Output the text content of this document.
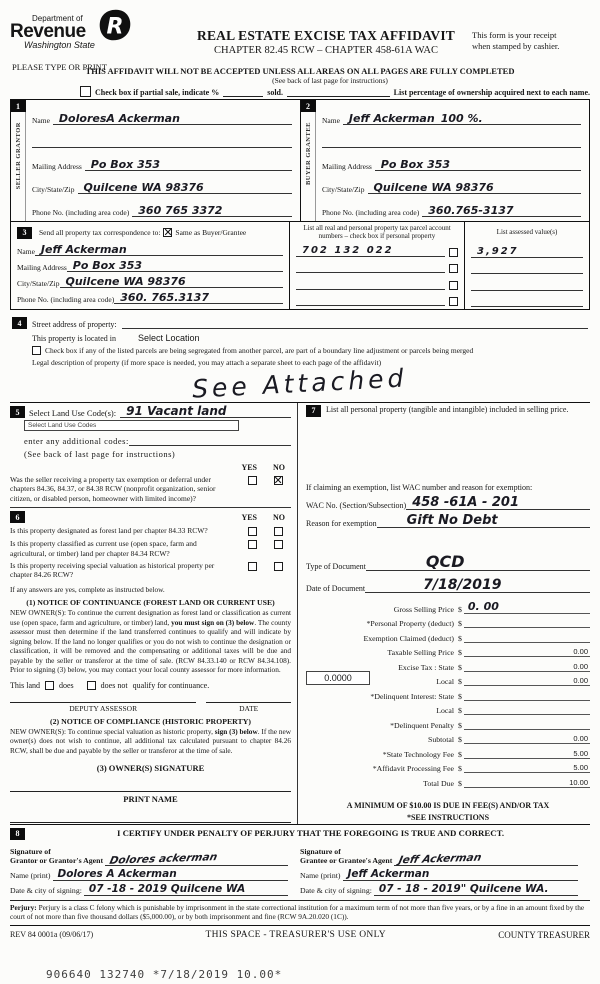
Department of
Revenue
Washington State
R	REAL ESTATE EXCISE TAX AFFIDAVIT
CHAPTER 82.45 RCW – CHAPTER 458-61A WAC
This form is your receipt
when stamped by cashier.
PLEASE TYPE OR PRINT
THIS AFFIDAVIT WILL NOT BE ACCEPTED UNLESS ALL AREAS ON ALL PAGES ARE FULLY COMPLETED
(See back of last page for instructions)
Check box if partial sale, indicate %	sold.	List percentage of ownership acquired next to each name.
1
SELLER GRANTOR
Name DoloresA Ackerman
Mailing Address Po Box 353
City/State/Zip Quilcene WA 98376
Phone No. (including area code) 360 765 3372
2
BUYER GRANTEE
Name Jeff Ackerman 100 %.
Mailing Address Po Box 353
City/State/Zip Quilcene WA 98376
Phone No. (including area code) 360.765-3137
3	Send all property tax correspondence to: ✕ Same as Buyer/Grantee
Name Jeff Ackerman
Mailing Address Po Box 353
City/State/Zip Quilcene WA 98376
Phone No. (including area code) 360. 765.3137
List all real and personal property tax parcel account numbers – check box if personal property
702 132 022
List assessed value(s)
3,927
4	Street address of property:
This property is located in Select Location
Check box if any of the listed parcels are being segregated from another parcel, are part of a boundary line adjustment or parcels being merged
Legal description of property (if more space is needed, you may attach a separate sheet to each page of the affidavit)
See Attached
5	Select Land Use Code(s): 91 Vacant land
Select Land Use Codes
enter any additional codes:
(See back of last page for instructions)
YES NO
Was the seller receiving a property tax exemption or deferral under chapters 84.36, 84.37, or 84.38 RCW (nonprofit organization, senior citizen, or disabled person, homeowner with limited income)?
✕
6	YES NO
Is this property designated as forest land per chapter 84.33 RCW?
Is this property classified as current use (open space, farm and agricultural, or timber) land per chapter 84.34 RCW?
Is this property receiving special valuation as historical property per chapter 84.26 RCW?
If any answers are yes, complete as instructed below.
(1) NOTICE OF CONTINUANCE (FOREST LAND OR CURRENT USE)
NEW OWNER(S): To continue the current designation as forest land or classification as current use (open space, farm and agriculture, or timber) land, you must sign on (3) below. The county assessor must then determine if the land transferred continues to qualify and will indicate by signing below. If the land no longer qualifies or you do not wish to continue the designation or classification, it will be removed and the compensating or additional taxes will be due and payable by the seller or transferor at the time of sale. (RCW 84.33.140 or RCW 84.34.108). Prior to signing (3) below, you may contact your local county assessor for more information.
This land does	does not qualify for continuance.
DEPUTY ASSESSOR	DATE
(2) NOTICE OF COMPLIANCE (HISTORIC PROPERTY)
NEW OWNER(S): To continue special valuation as historic property, sign (3) below. If the new owner(s) does not wish to continue, all additional tax calculated pursuant to chapter 84.26 RCW, shall be due and payable by the seller or transferor at the time of sale.
(3) OWNER(S) SIGNATURE
PRINT NAME
7	List all personal property (tangible and intangible) included in selling price.
If claiming an exemption, list WAC number and reason for exemption:
WAC No. (Section/Subsection) 458 -61A - 201
Reason for exemption Gift No Debt
Type of Document	QCD
Date of Document	7/18/2019
Gross Selling Price $ 0. 00
*Personal Property (deduct) $
Exemption Claimed (deduct) $
Taxable Selling Price $	0.00
Excise Tax : State $	0.00
0.0000	Local $	0.00
*Delinquent Interest: State $
Local $
*Delinquent Penalty $
Subtotal $	0.00
*State Technology Fee $	5.00
*Affidavit Processing Fee $	5.00
Total Due $	10.00
A MINIMUM OF $10.00 IS DUE IN FEE(S) AND/OR TAX
*SEE INSTRUCTIONS
8	I CERTIFY UNDER PENALTY OF PERJURY THAT THE FOREGOING IS TRUE AND CORRECT.
Signature of
Grantor or Grantor's Agent Dolores ackerman
Name (print) Dolores A Ackerman
Date & city of signing: 07 -18 - 2019 Quilcene WA
Signature of
Grantee or Grantee's Agent Jeff Ackerman
Name (print) Jeff Ackerman
Date & city of signing: 07 - 18 - 2019" Quilcene WA.
Perjury: Perjury is a class C felony which is punishable by imprisonment in the state correctional institution for a maximum term of not more than five years, or by a fine in an amount fixed by the court of not more than five thousand dollars ($5,000.00), or by both imprisonment and fine (RCW 9A.20.020 (1C)).
REV 84 0001a (09/06/17)	THIS SPACE - TREASURER'S USE ONLY	COUNTY TREASURER
906640 132740 *7/18/2019 10.00*
